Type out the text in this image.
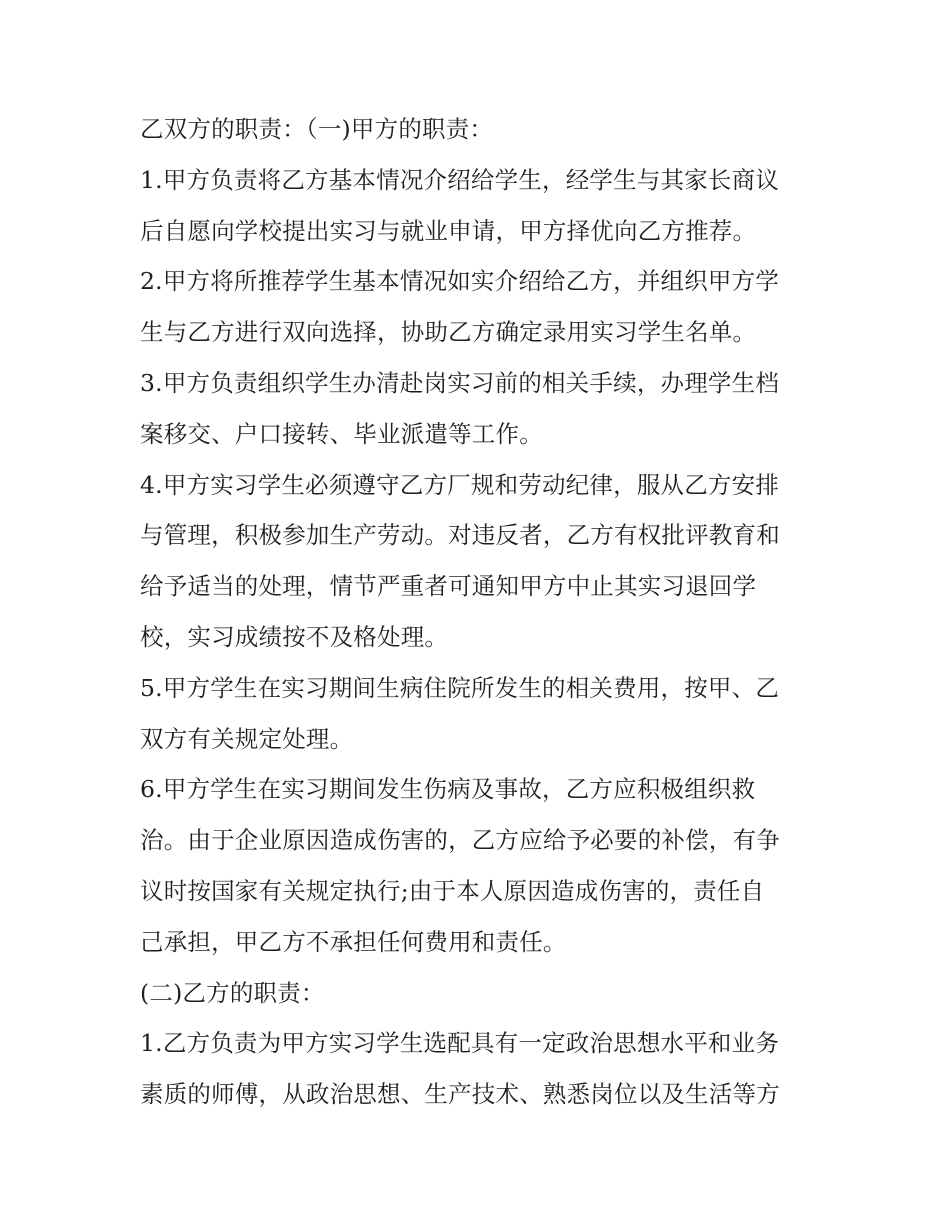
乙双方的职责：（一)甲方的职责：

1.甲方负责将乙方基本情况介绍给学生，经学生与其家长商议

后自愿向学校提出实习与就业申请，甲方择优向乙方推荐。

2.甲方将所推荐学生基本情况如实介绍给乙方，并组织甲方学

生与乙方进行双向选择，协助乙方确定录用实习学生名单。

3.甲方负责组织学生办清赴岗实习前的相关手续，办理学生档

案移交、户口接转、毕业派遣等工作。

4.甲方实习学生必须遵守乙方厂规和劳动纪律，服从乙方安排

与管理，积极参加生产劳动。对违反者，乙方有权批评教育和

给予适当的处理，情节严重者可通知甲方中止其实习退回学

校，实习成绩按不及格处理。

5.甲方学生在实习期间生病住院所发生的相关费用，按甲、乙

双方有关规定处理。

6.甲方学生在实习期间发生伤病及事故，乙方应积极组织救

治。由于企业原因造成伤害的，乙方应给予必要的补偿，有争

议时按国家有关规定执行;由于本人原因造成伤害的，责任自

己承担，甲乙方不承担任何费用和责任。

(二)乙方的职责：

1.乙方负责为甲方实习学生选配具有一定政治思想水平和业务

素质的师傅，从政治思想、生产技术、熟悉岗位以及生活等方
